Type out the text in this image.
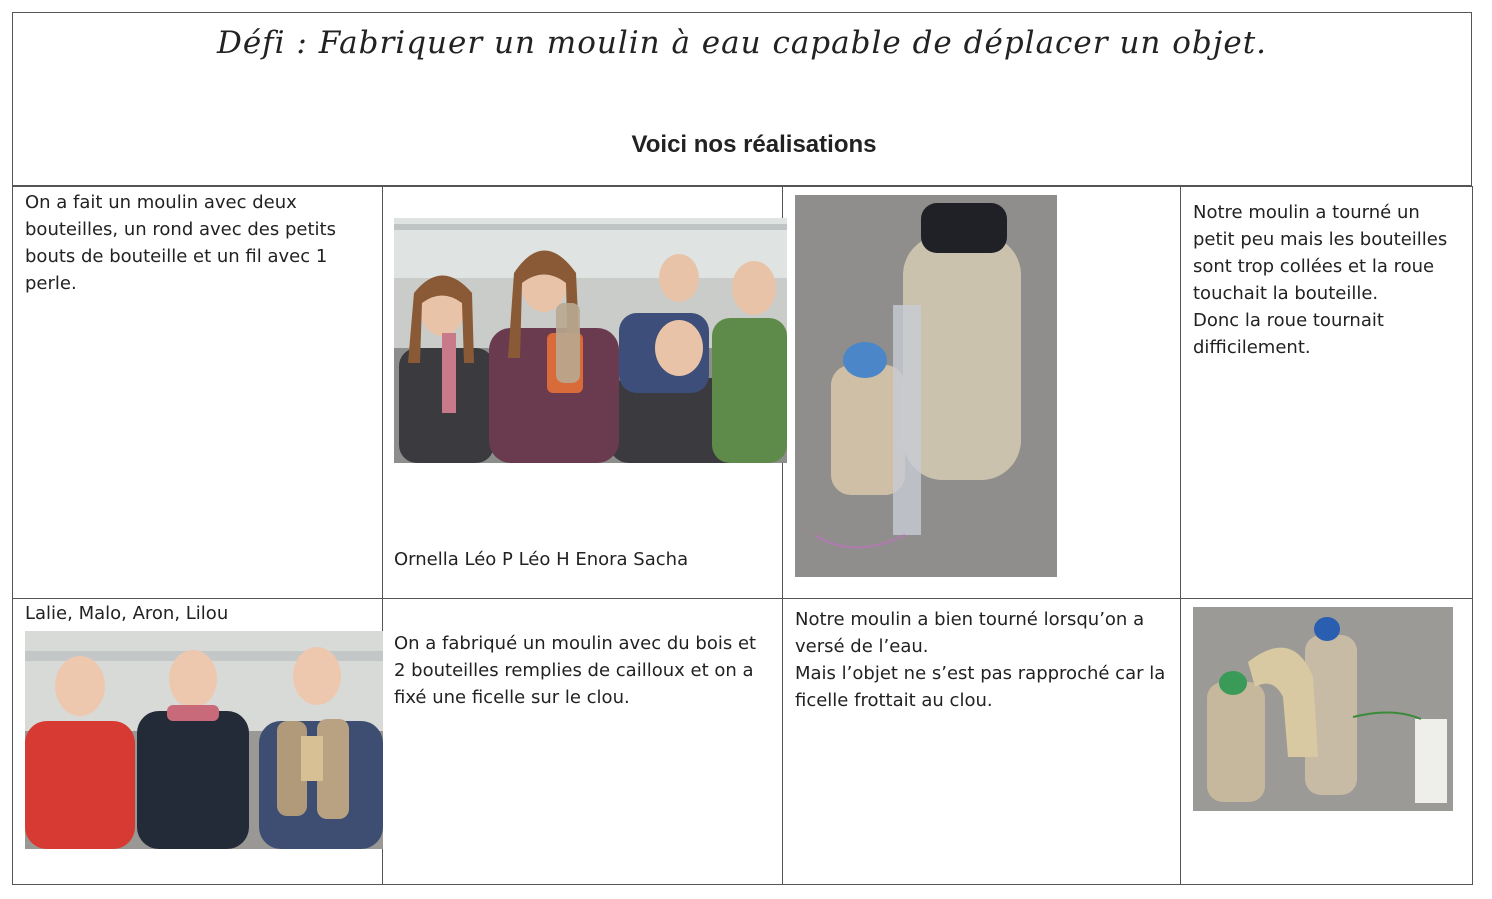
Défi : Fabriquer un moulin à eau capable de déplacer un objet.
Voici nos réalisations
On a fait un moulin avec deux bouteilles, un rond avec des petits bouts de bouteille et un fil avec 1 perle.	Ornella Léo P Léo H Enora Sacha		Notre moulin a tourné un petit peu mais les bouteilles sont trop collées et la roue touchait la bouteille.
Donc la roue tournait difficilement.

Lalie, Malo, Aron, Lilou	On a fabriqué un moulin avec du bois et 2 bouteilles remplies de cailloux et on a fixé une ficelle sur le clou.	Notre moulin a bien tourné lorsqu’on a versé de l’eau.
Mais l’objet ne s’est pas rapproché car la ficelle frottait au clou.
